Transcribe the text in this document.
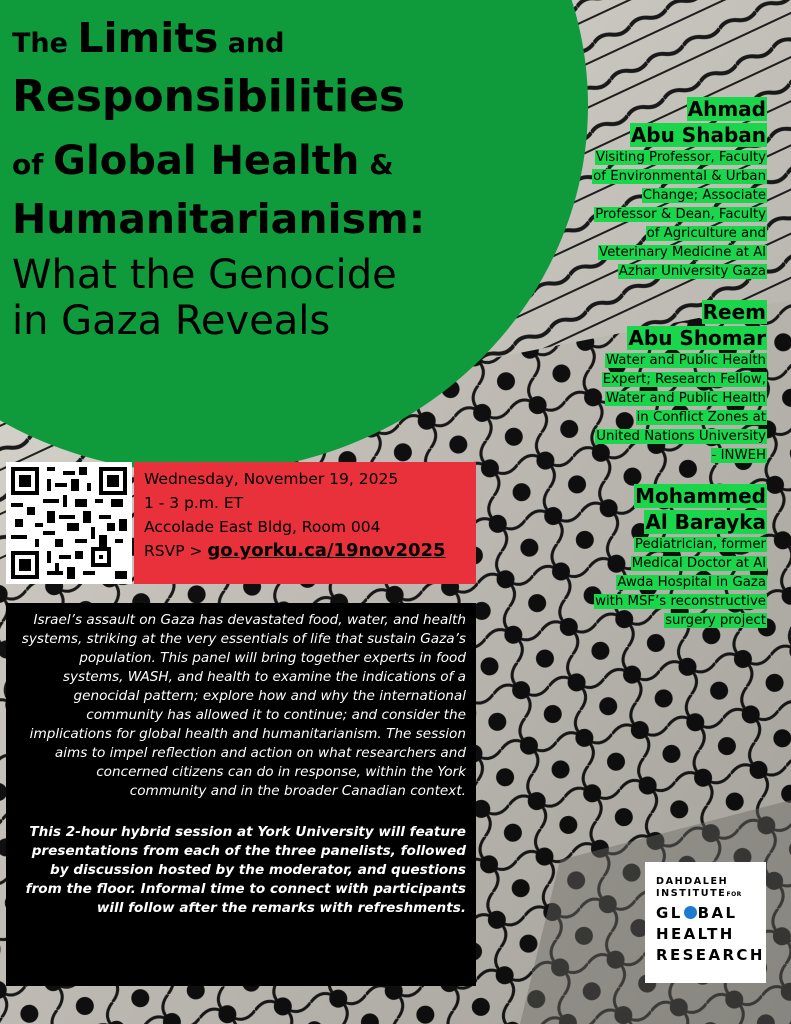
The Limits and
Responsibilities
of Global Health &
Humanitarianism:
What the Genocide
in Gaza Reveals
Wednesday, November 19, 2025
1 - 3 p.m. ET
Accolade East Bldg, Room 004
RSVP > go.yorku.ca/19nov2025

Israel’s assault on Gaza has devastated food, water, and health systems, striking at the very essentials of life that sustain Gaza’s population. This panel will bring together experts in food systems, WASH, and health to examine the indications of a genocidal pattern; explore how and why the international community has allowed it to continue; and consider the implications for global health and humanitarianism. The session aims to impel reflection and action on what researchers and concerned citizens can do in response, within the York community and in the broader Canadian context.

This 2-hour hybrid session at York University will feature presentations from each of the three panelists, followed by discussion hosted by the moderator, and questions from the floor. Informal time to connect with participants will follow after the remarks with refreshments.

Ahmad
Abu Shaban
Visiting Professor, Faculty of Environmental & Urban Change; Associate Professor & Dean, Faculty of Agriculture and Veterinary Medicine at Al Azhar University Gaza
Reem
Abu Shomar
Water and Public Health Expert; Research Fellow, Water and Public Health in Conflict Zones at United Nations University - INWEH
Mohammed
Al Barayka
Pediatrician, former Medical Doctor at Al Awda Hospital in Gaza with MSF’s reconstructive surgery project
DAHDALEH
INSTITUTEFOR
GL BAL
HEALTH
RESEARCH
